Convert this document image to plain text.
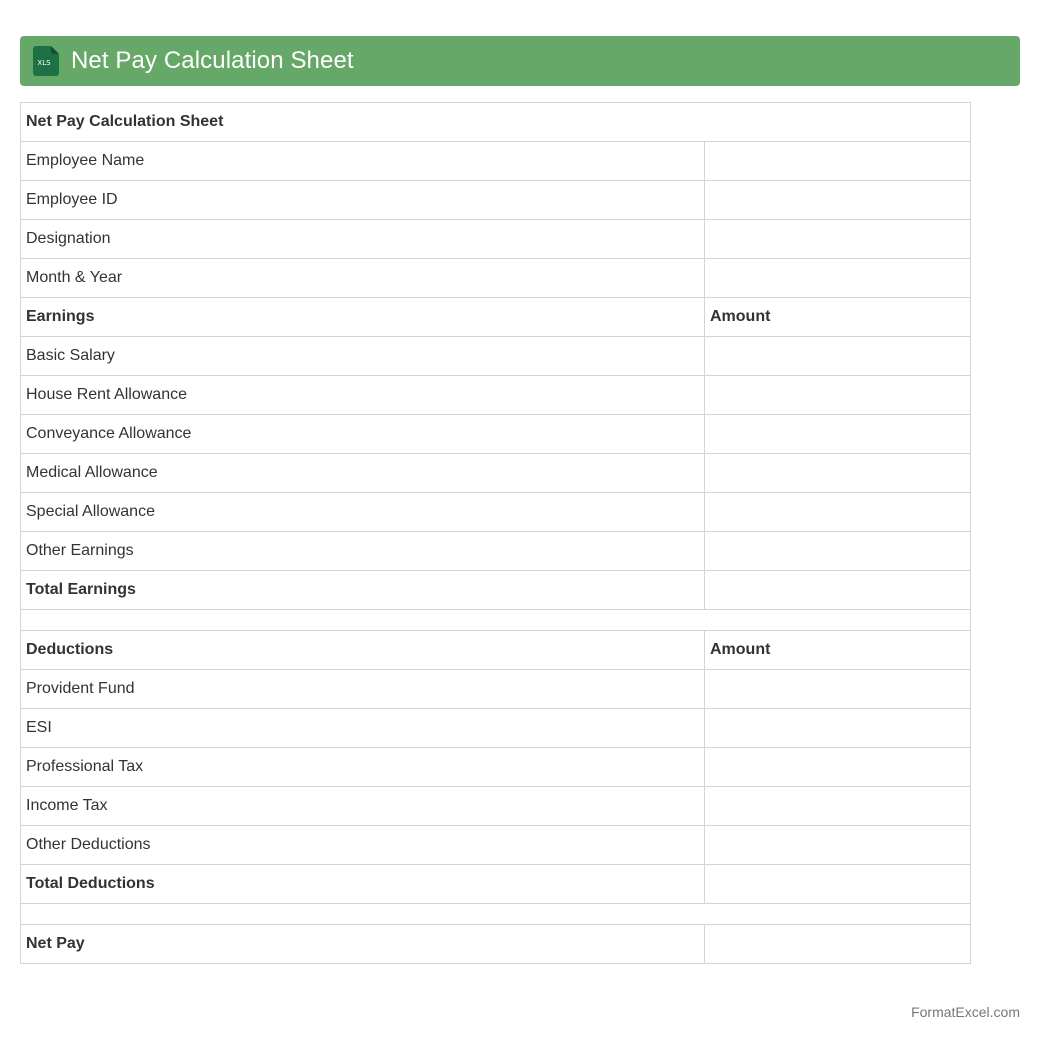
XLS Net Pay Calculation Sheet
Net Pay Calculation Sheet	
Employee Name	
Employee ID	
Designation	
Month & Year	
Earnings	Amount
Basic Salary	
House Rent Allowance	
Conveyance Allowance	
Medical Allowance	
Special Allowance	
Other Earnings	
Total Earnings	

Deductions	Amount
Provident Fund	
ESI	
Professional Tax	
Income Tax	
Other Deductions	
Total Deductions	

Net Pay	
FormatExcel.com
